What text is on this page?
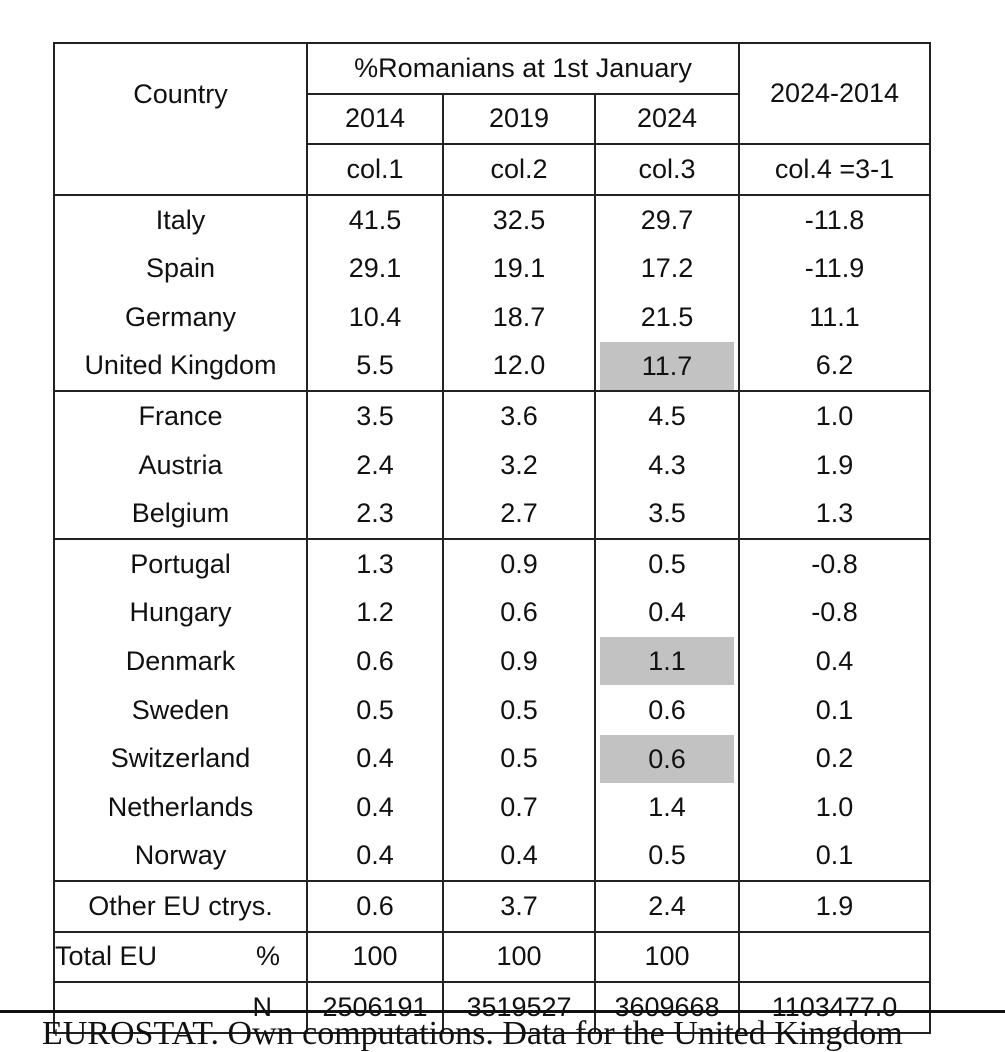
Country	%Romanians at 1st January			2024-2014
	2014	2019	2024	
	col.1	col.2	col.3	col.4 =3-1
Italy	41.5	32.5	29.7	-11.8
Spain	29.1	19.1	17.2	-11.9
Germany	10.4	18.7	21.5	11.1
United Kingdom	5.5	12.0	11.7	6.2
France	3.5	3.6	4.5	1.0
Austria	2.4	3.2	4.3	1.9
Belgium	2.3	2.7	3.5	1.3
Portugal	1.3	0.9	0.5	-0.8
Hungary	1.2	0.6	0.4	-0.8
Denmark	0.6	0.9	1.1	0.4
Sweden	0.5	0.5	0.6	0.1
Switzerland	0.4	0.5	0.6	0.2
Netherlands	0.4	0.7	1.4	1.0
Norway	0.4	0.4	0.5	0.1
Other EU ctrys.	0.6	3.7	2.4	1.9

Total EU %	100	100	100	
N	2506191	3519527	3609668	1103477.0
EUROSTAT. Own computations. Data for the United Kingdom
